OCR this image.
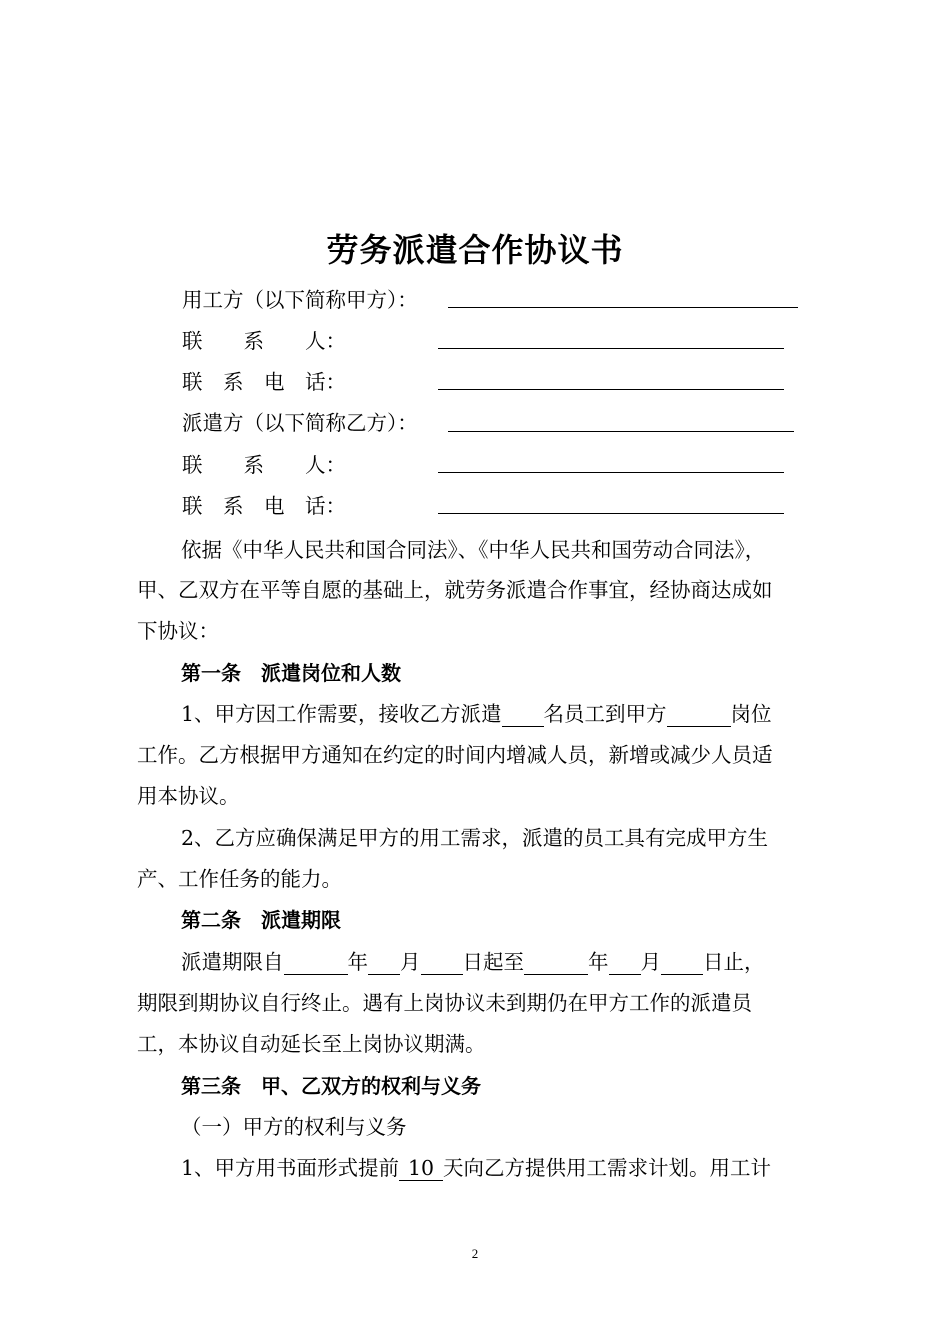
劳务派遣合作协议书
用工方（以下简称甲方）：
联　　系　　人：
联　系　电　话：
派遣方（以下简称乙方）：
联　　系　　人：
联　系　电　话：
依据《中华人民共和国合同法》、《中华人民共和国劳动合同法》，
甲、乙双方在平等自愿的基础上，就劳务派遣合作事宜，经协商达成如
下协议：
第一条　派遣岗位和人数
1、甲方因工作需要，接收乙方派遣 名员工到甲方	岗位
工作。乙方根据甲方通知在约定的时间内增减人员，新增或减少人员适
用本协议。
2、乙方应确保满足甲方的用工需求，派遣的员工具有完成甲方生
产、工作任务的能力。
第二条　派遣期限
派遣期限自	年 月 日起至	年 月 日止，
期限到期协议自行终止。遇有上岗协议未到期仍在甲方工作的派遣员
工，本协议自动延长至上岗协议期满。
第三条　甲、乙双方的权利与义务
（一）甲方的权利与义务
1、甲方用书面形式提前 10 天向乙方提供用工需求计划。用工计
2
